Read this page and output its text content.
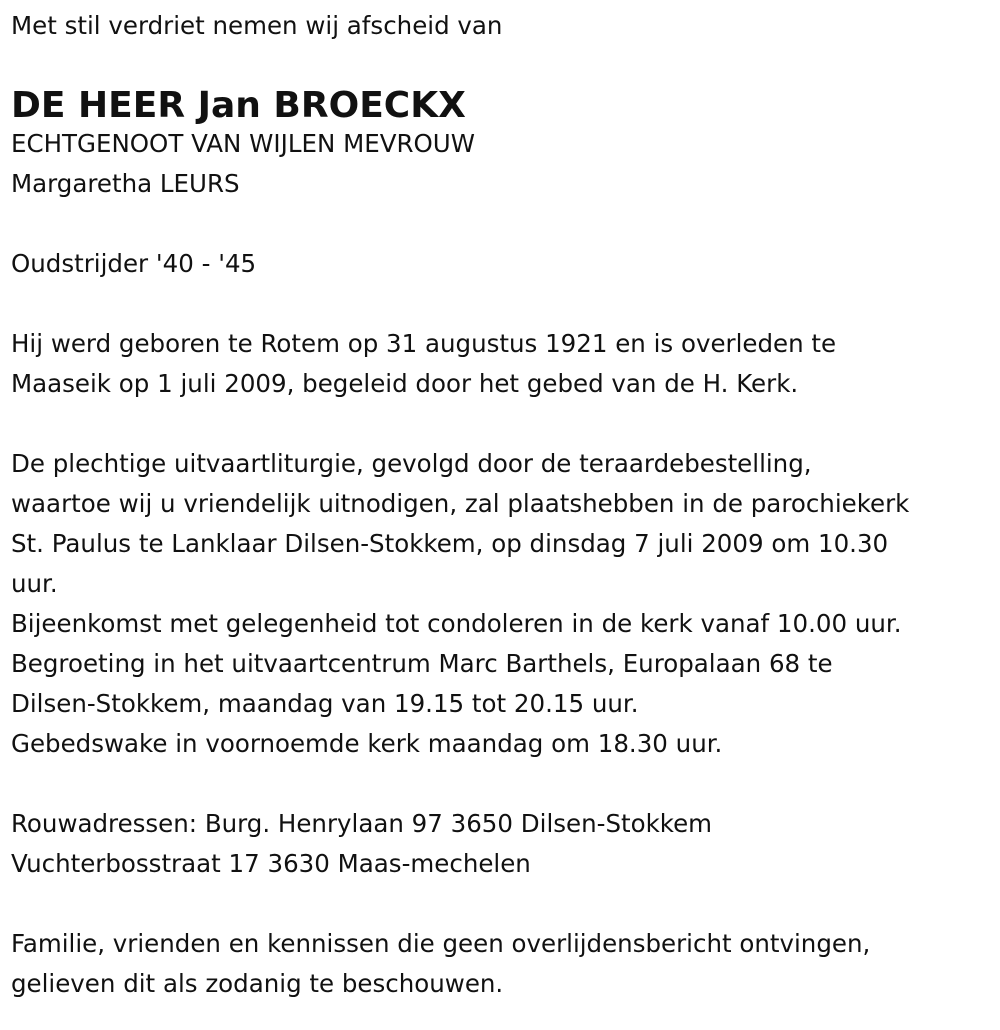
Met stil verdriet nemen wij afscheid van

DE HEER Jan BROECKX

ECHTGENOOT VAN WIJLEN MEVROUW

Margaretha LEURS

Oudstrijder '40 - '45

Hij werd geboren te Rotem op 31 augustus 1921 en is overleden te

Maaseik op 1 juli 2009, begeleid door het gebed van de H. Kerk.

De plechtige uitvaartliturgie, gevolgd door de teraardebestelling,

waartoe wij u vriendelijk uitnodigen, zal plaatshebben in de parochiekerk

St. Paulus te Lanklaar Dilsen-Stokkem, op dinsdag 7 juli 2009 om 10.30

uur.

Bijeenkomst met gelegenheid tot condoleren in de kerk vanaf 10.00 uur.

Begroeting in het uitvaartcentrum Marc Barthels, Europalaan 68 te

Dilsen-Stokkem, maandag van 19.15 tot 20.15 uur.

Gebedswake in voornoemde kerk maandag om 18.30 uur.

Rouwadressen: Burg. Henrylaan 97 3650 Dilsen-Stokkem

Vuchterbosstraat 17 3630 Maas-mechelen

Familie, vrienden en kennissen die geen overlijdensbericht ontvingen,

gelieven dit als zodanig te beschouwen.
